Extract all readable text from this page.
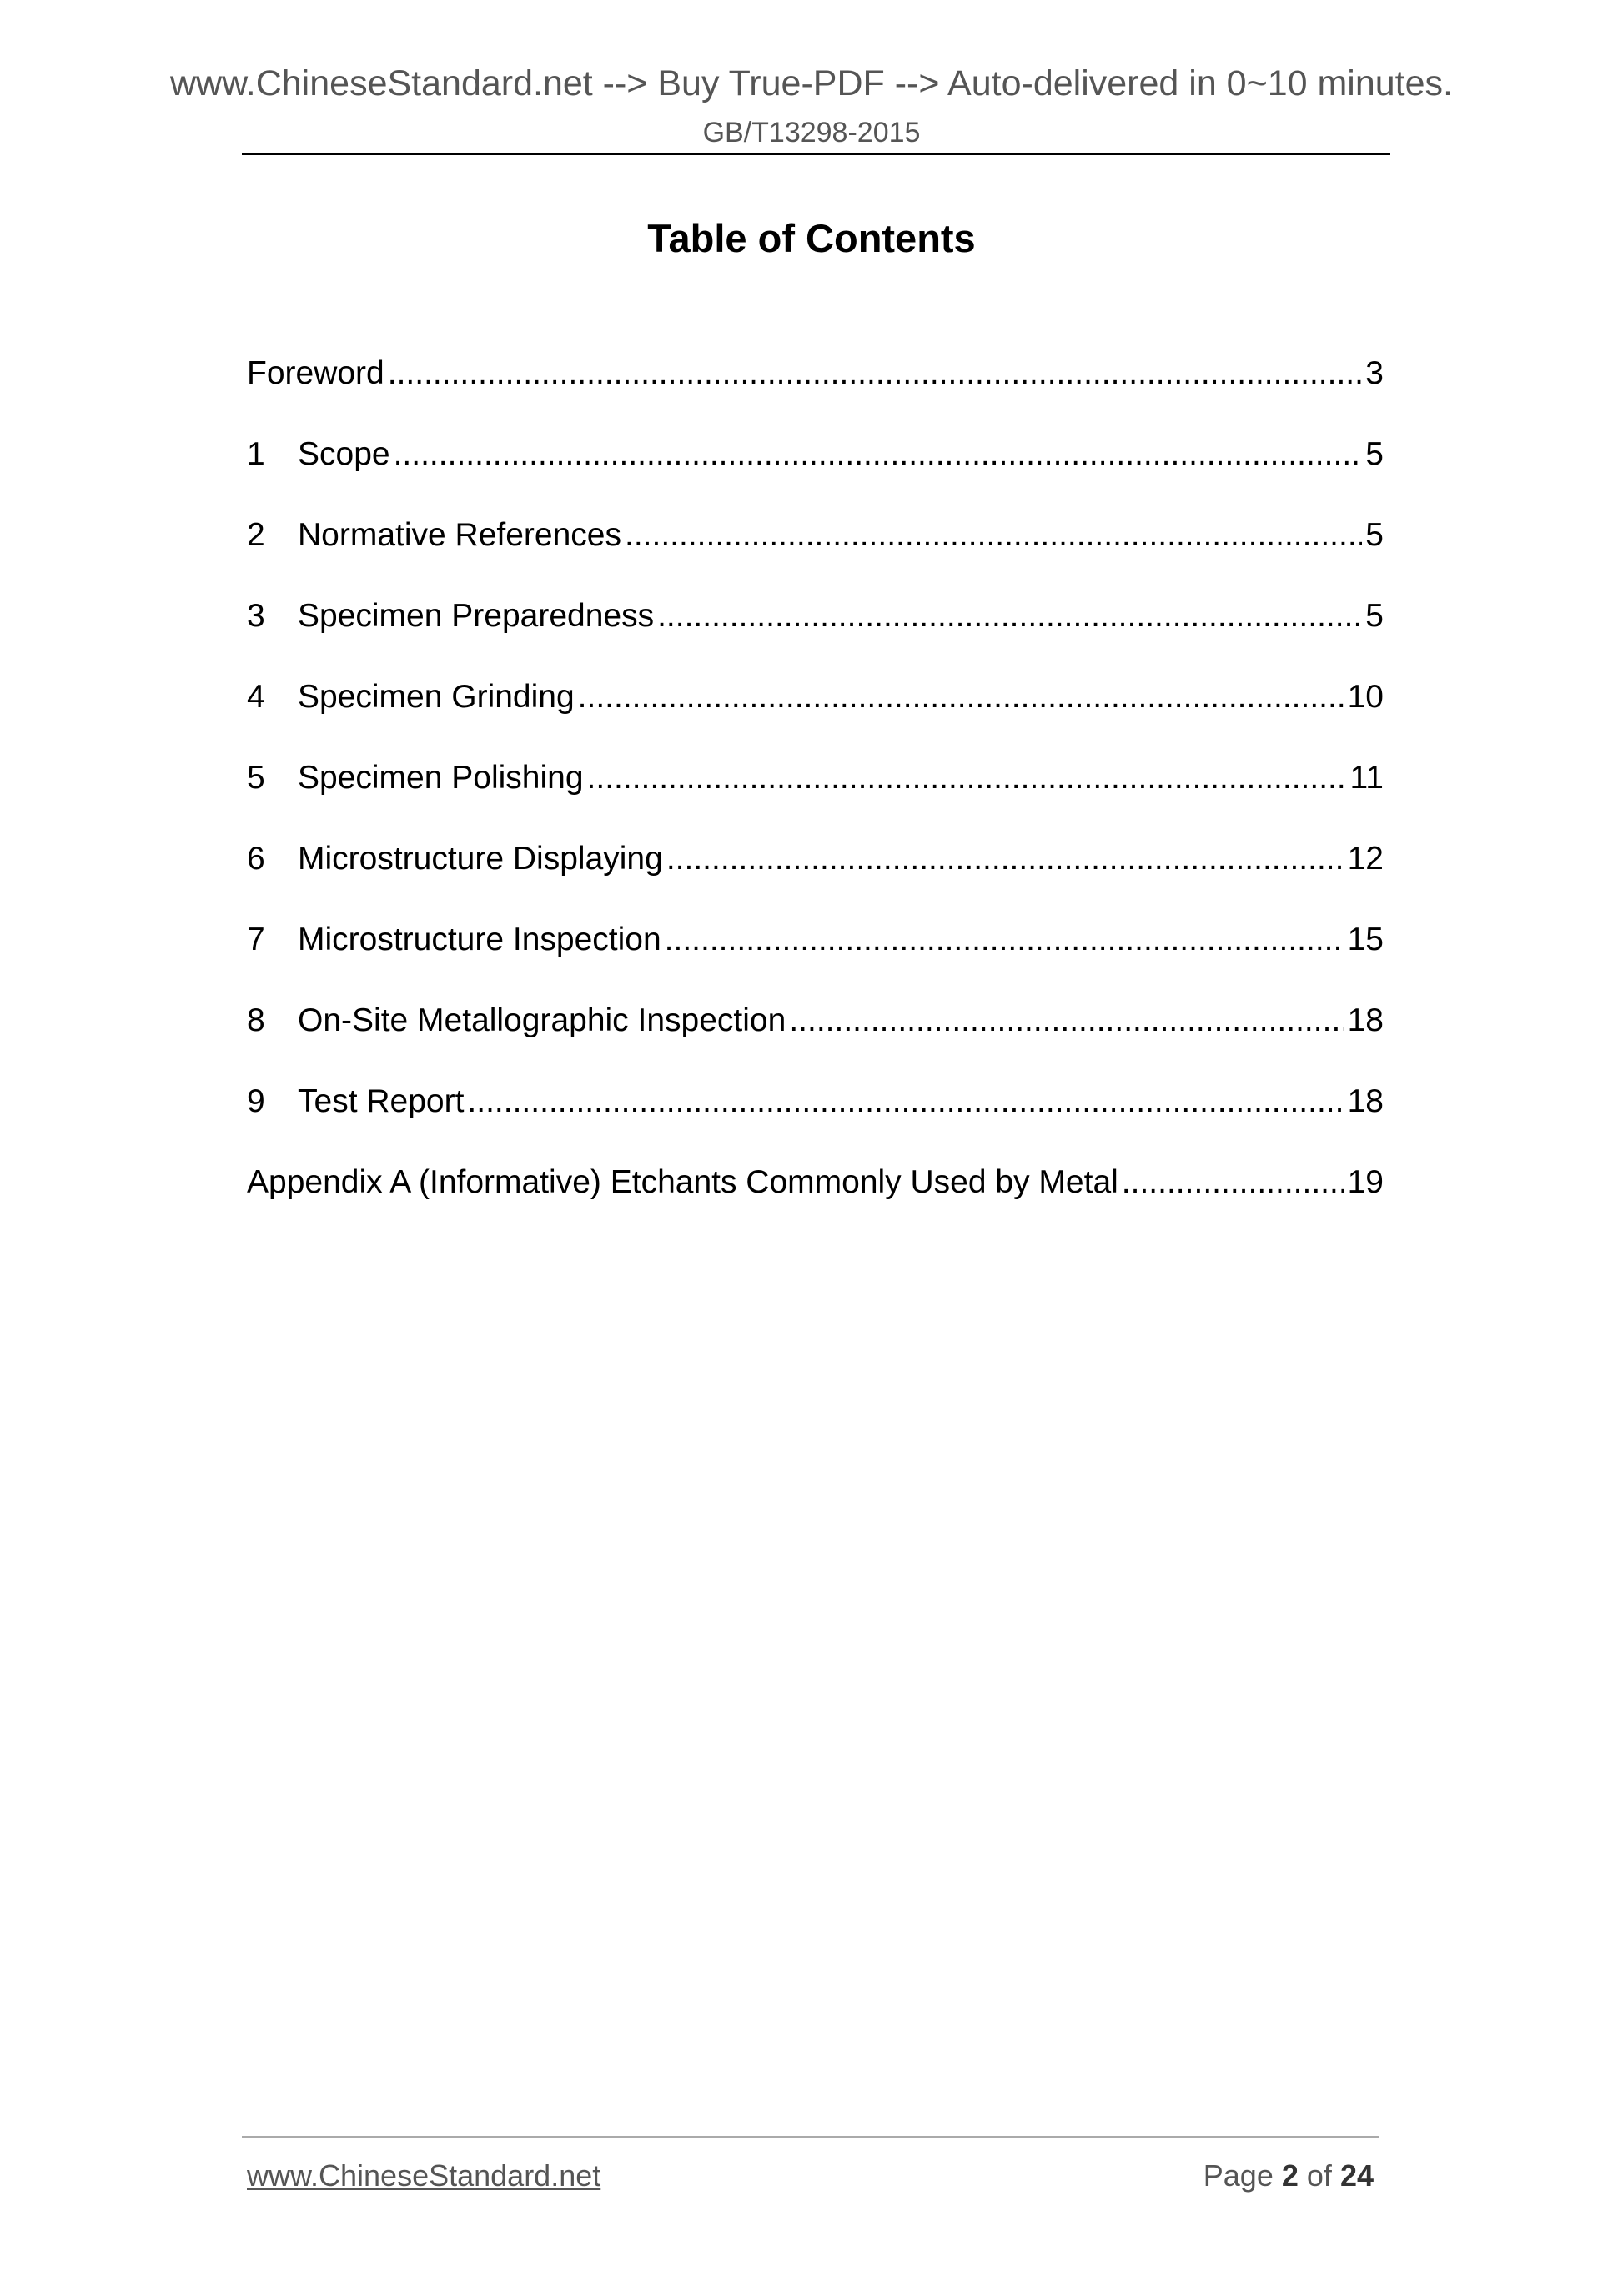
www.ChineseStandard.net --> Buy True-PDF --> Auto-delivered in 0~10 minutes.
GB/T13298-2015
Table of Contents
Foreword .....	3
1	Scope .....	5
2	Normative References .....	5
3	Specimen Preparedness .....	5
4	Specimen Grinding .....	10
5	Specimen Polishing .....	11
6	Microstructure Displaying .....	12
7	Microstructure Inspection .....	15
8	On-Site Metallographic Inspection .....	18
9	Test Report .....	18
Appendix A (Informative) Etchants Commonly Used by Metal .....	19
www.ChineseStandard.net	Page 2 of 24
